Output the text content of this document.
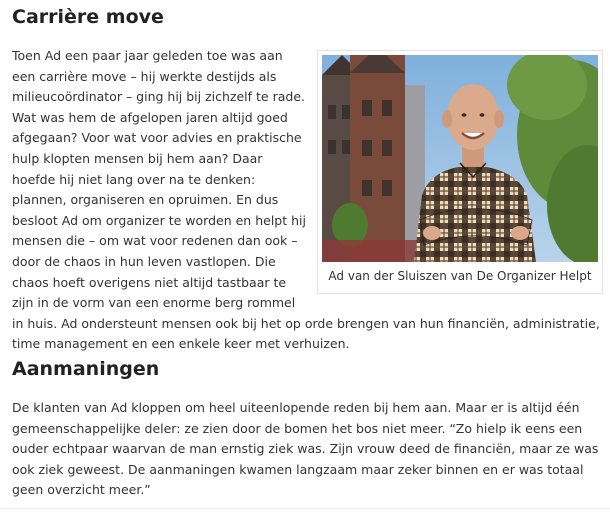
Carrière move

Toen Ad een paar jaar geleden toe was aan een carrière move – hij werkte destijds als milieucoördinator – ging hij bij zichzelf te rade. Wat was hem de afgelopen jaren altijd goed afgegaan? Voor wat voor advies en praktische hulp klopten mensen bij hem aan? Daar hoefde hij niet lang over na te denken: plannen, organiseren en opruimen. En dus besloot Ad om organizer te worden en helpt hij mensen die – om wat voor redenen dan ook – door de chaos in hun leven vastlopen. Die chaos hoeft overigens niet altijd tastbaar te zijn in de vorm van een enorme berg rommel in huis. Ad ondersteunt mensen ook bij het op orde brengen van hun financiën, administratie, time management en een enkele keer met verhuizen.

Aanmaningen

De klanten van Ad kloppen om heel uiteenlopende reden bij hem aan. Maar er is altijd één gemeenschappelijke deler: ze zien door de bomen het bos niet meer. “Zo hielp ik eens een ouder echtpaar waarvan de man ernstig ziek was. Zijn vrouw deed de financiën, maar ze was ook ziek geweest. De aanmaningen kwamen langzaam maar zeker binnen en er was totaal geen overzicht meer.”

Ad van der Sluiszen van De Organizer Helpt
